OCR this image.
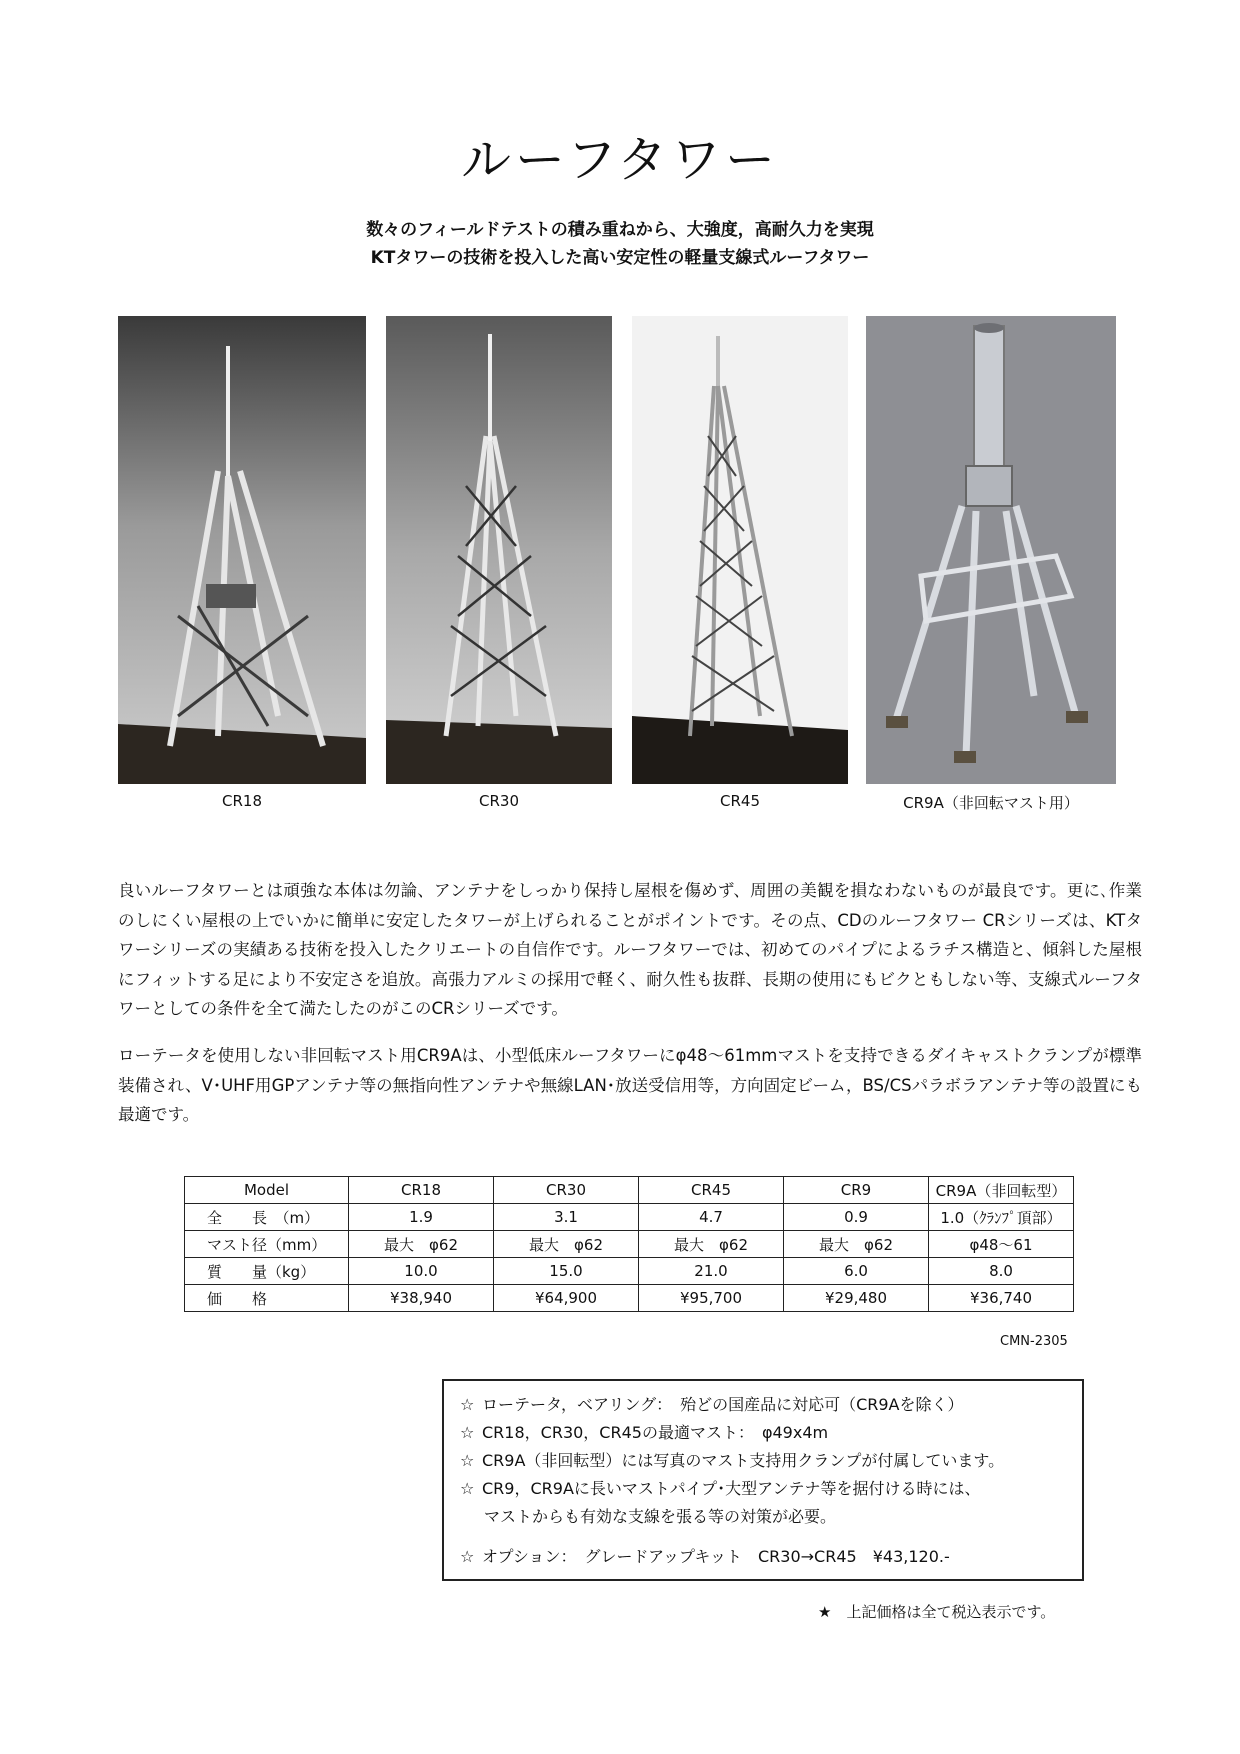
ルーフタワー
数々のフィールドテストの積み重ねから、大強度，高耐久力を実現
KTタワーの技術を投入した高い安定性の軽量支線式ルーフタワー
CR18	CR30	CR45	CR9A（非回転マスト用）

良いルーフタワーとは頑強な本体は勿論、アンテナをしっかり保持し屋根を傷めず、周囲の美観を損なわないものが最良です。更に､作業のしにくい屋根の上でいかに簡単に安定したタワーが上げられることがポイントです。その点、CDのルーフタワー CRシリーズは、KTタワーシリーズの実績ある技術を投入したクリエートの自信作です。ルーフタワーでは、初めてのパイプによるラチス構造と、傾斜した屋根にフィットする足により不安定さを追放。高張力アルミの採用で軽く、耐久性も抜群、長期の使用にもビクともしない等、支線式ルーフタワーとしての条件を全て満たしたのがこのCRシリーズです。

ローテータを使用しない非回転マスト用CR9Aは、小型低床ルーフタワーにφ48～61mmマストを支持できるダイキャストクランプが標準装備され、V･UHF用GPアンテナ等の無指向性アンテナや無線LAN･放送受信用等，方向固定ビーム，BS/CSパラボラアンテナ等の設置にも最適です。

Model	CR18	CR30	CR45	CR9	CR9A（非回転型）
全　　長　（m）	1.9	3.1	4.7	0.9	1.0（ｸﾗﾝﾌﾟ頂部）
マスト径（mm）	最大　φ62	最大　φ62	最大　φ62	最大　φ62	φ48～61
質　　量（kg）	10.0	15.0	21.0	6.0	8.0
価　　格	¥38,940	¥64,900	¥95,700	¥29,480	¥36,740
CMN-2305
☆ ローテータ，ベアリング：　殆どの国産品に対応可（CR9Aを除く）
☆ CR18，CR30，CR45の最適マスト：　φ49x4m
☆ CR9A（非回転型）には写真のマスト支持用クランプが付属しています。
☆ CR9，CR9Aに長いマストパイプ･大型アンテナ等を据付ける時には、
マストからも有効な支線を張る等の対策が必要。
☆ オプション：　グレードアップキット　CR30→CR45　¥43,120.-
★　上記価格は全て税込表示です。
